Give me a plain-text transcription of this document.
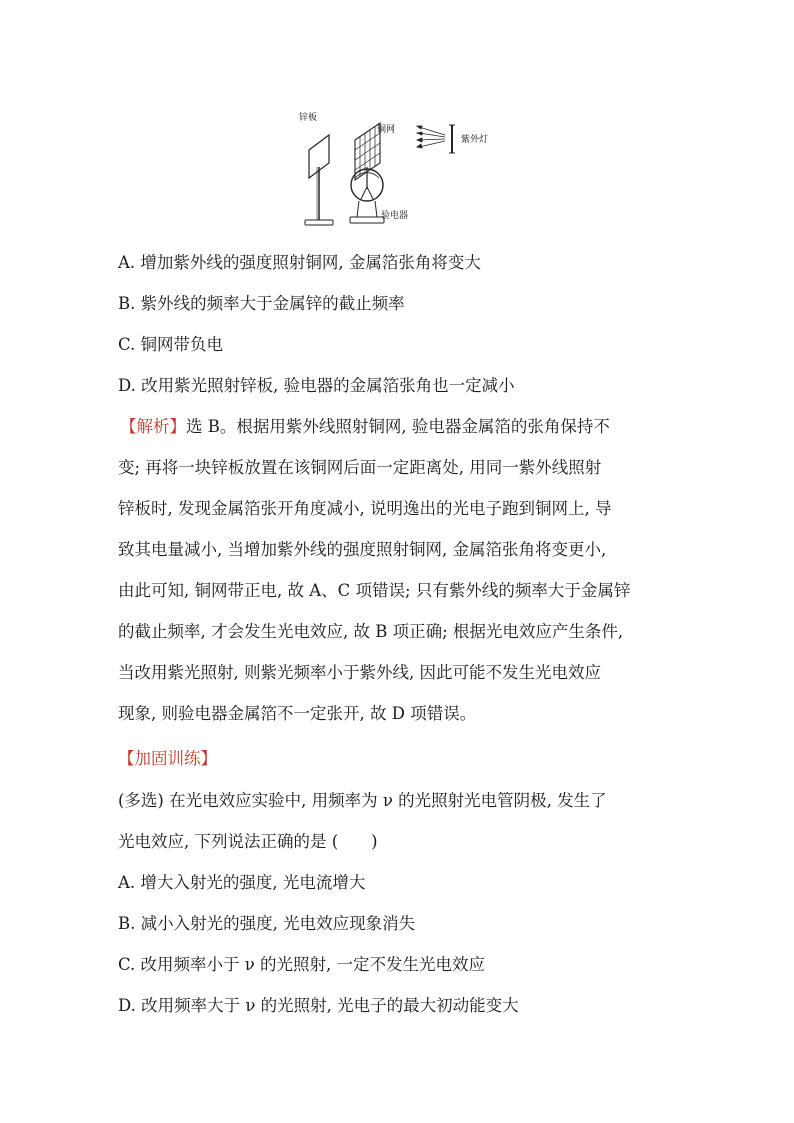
锌板
铜网
验电器
紫外灯
A. 增加紫外线的强度照射铜网, 金属箔张角将变大
B. 紫外线的频率大于金属锌的截止频率
C. 铜网带负电
D. 改用紫光照射锌板, 验电器的金属箔张角也一定减小
【解析】选 B。根据用紫外线照射铜网, 验电器金属箔的张角保持不
变; 再将一块锌板放置在该铜网后面一定距离处, 用同一紫外线照射
锌板时, 发现金属箔张开角度减小, 说明逸出的光电子跑到铜网上, 导
致其电量减小, 当增加紫外线的强度照射铜网, 金属箔张角将变更小,
由此可知, 铜网带正电, 故 A、C 项错误; 只有紫外线的频率大于金属锌
的截止频率, 才会发生光电效应, 故 B 项正确; 根据光电效应产生条件,
当改用紫光照射, 则紫光频率小于紫外线, 因此可能不发生光电效应
现象, 则验电器金属箔不一定张开, 故 D 项错误。
【加固训练】
(多选) 在光电效应实验中, 用频率为 ν 的光照射光电管阴极, 发生了
光电效应, 下列说法正确的是 (　　)
A. 增大入射光的强度, 光电流增大
B. 减小入射光的强度, 光电效应现象消失
C. 改用频率小于 ν 的光照射, 一定不发生光电效应
D. 改用频率大于 ν 的光照射, 光电子的最大初动能变大
